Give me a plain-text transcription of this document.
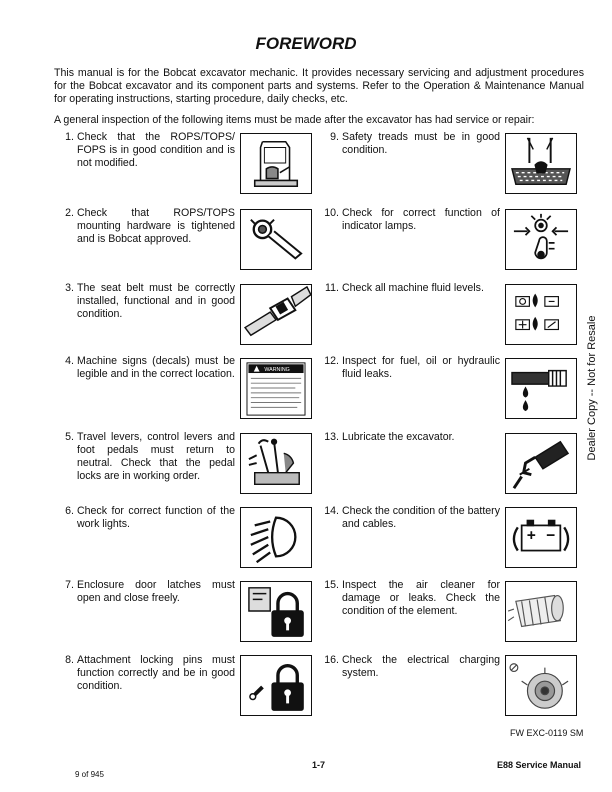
FOREWORD

This manual is for the Bobcat excavator mechanic. It provides necessary servicing and adjustment procedures for the Bobcat excavator and its component parts and systems. Refer to the Operation & Maintenance Manual for operating instructions, starting procedure, daily checks, etc.

A general inspection of the following items must be made after the excavator has had service or repair:

1. Check that the ROPS/TOPS/ FOPS is in good condition and is not modified.
2. Check that ROPS/TOPS mounting hardware is tightened and is Bobcat approved.
3. The seat belt must be correctly installed, functional and in good condition.
4. Machine signs (decals) must be legible and in the correct location.
5. Travel levers, control levers and foot pedals must return to neutral. Check that the pedal locks are in working order.
6. Check for correct function of the work lights.
7. Enclosure door latches must open and close freely.
8. Attachment locking pins must function correctly and be in good condition.
9. Safety treads must be in good condition.
10. Check for correct function of indicator lamps.
11. Check all machine fluid levels.
12. Inspect for fuel, oil or hydraulic fluid leaks.
13. Lubricate the excavator.
14. Check the condition of the battery and cables.
15. Inspect the air cleaner for damage or leaks. Check the condition of the element.
16. Check the electrical charging system.
WARNING	Dealer Copy -- Not for Resale
FW EXC-0119 SM
1-7	E88 Service Manual
9 of 945
